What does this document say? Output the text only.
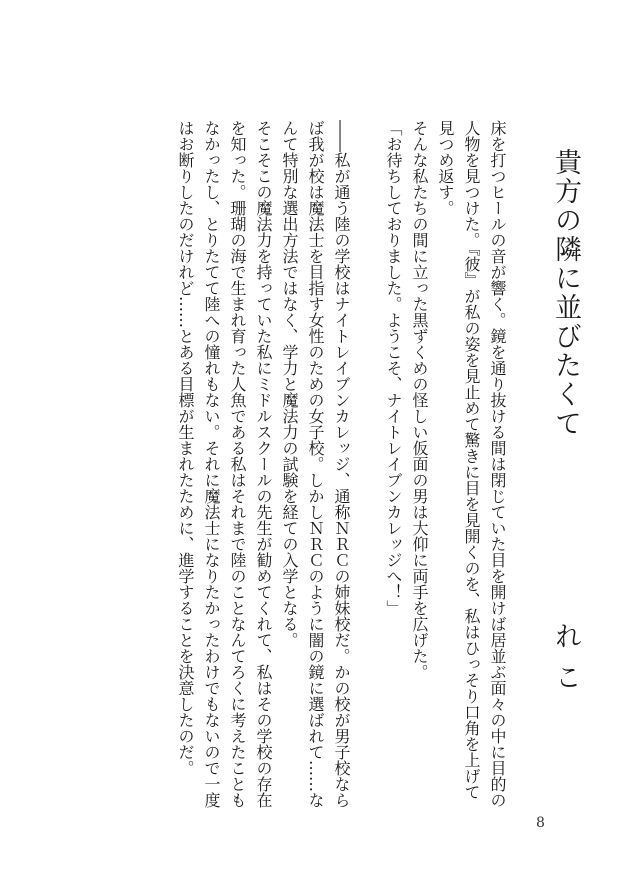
貴方の隣に並びたくて
れこ

床を打つヒールの音が響く。鏡を通り抜ける間は閉じていた目を開けば居並ぶ面々の中に目的の人物を見つけた。『彼』が私の姿を見止めて驚きに目を見開くのを、私はひっそり口角を上げて見つめ返す。

そんな私たちの間に立った黒ずくめの怪しい仮面の男は大仰に両手を広げた。

「お待ちしておりました。ようこそ、ナイトレイブンカレッジへ！」

――私が通う陸の学校はナイトレイブンカレッジ、通称ＮＲＣの姉妹校だ。かの校が男子校ならば我が校は魔法士を目指す女性のための女子校。しかしＮＲＣのように闇の鏡に選ばれて……なんて特別な選出方法ではなく、学力と魔法力の試験を経ての入学となる。

そこそこの魔法力を持っていた私にミドルスクールの先生が勧めてくれて、私はその学校の存在を知った。珊瑚の海で生まれ育った人魚である私はそれまで陸のことなんてろくに考えたこともなかったし、とりたてて陸への憧れもない。それに魔法士になりたかったわけでもないので一度はお断りしたのだけれど……とある目標が生まれたために、進学することを決意したのだ。

8
